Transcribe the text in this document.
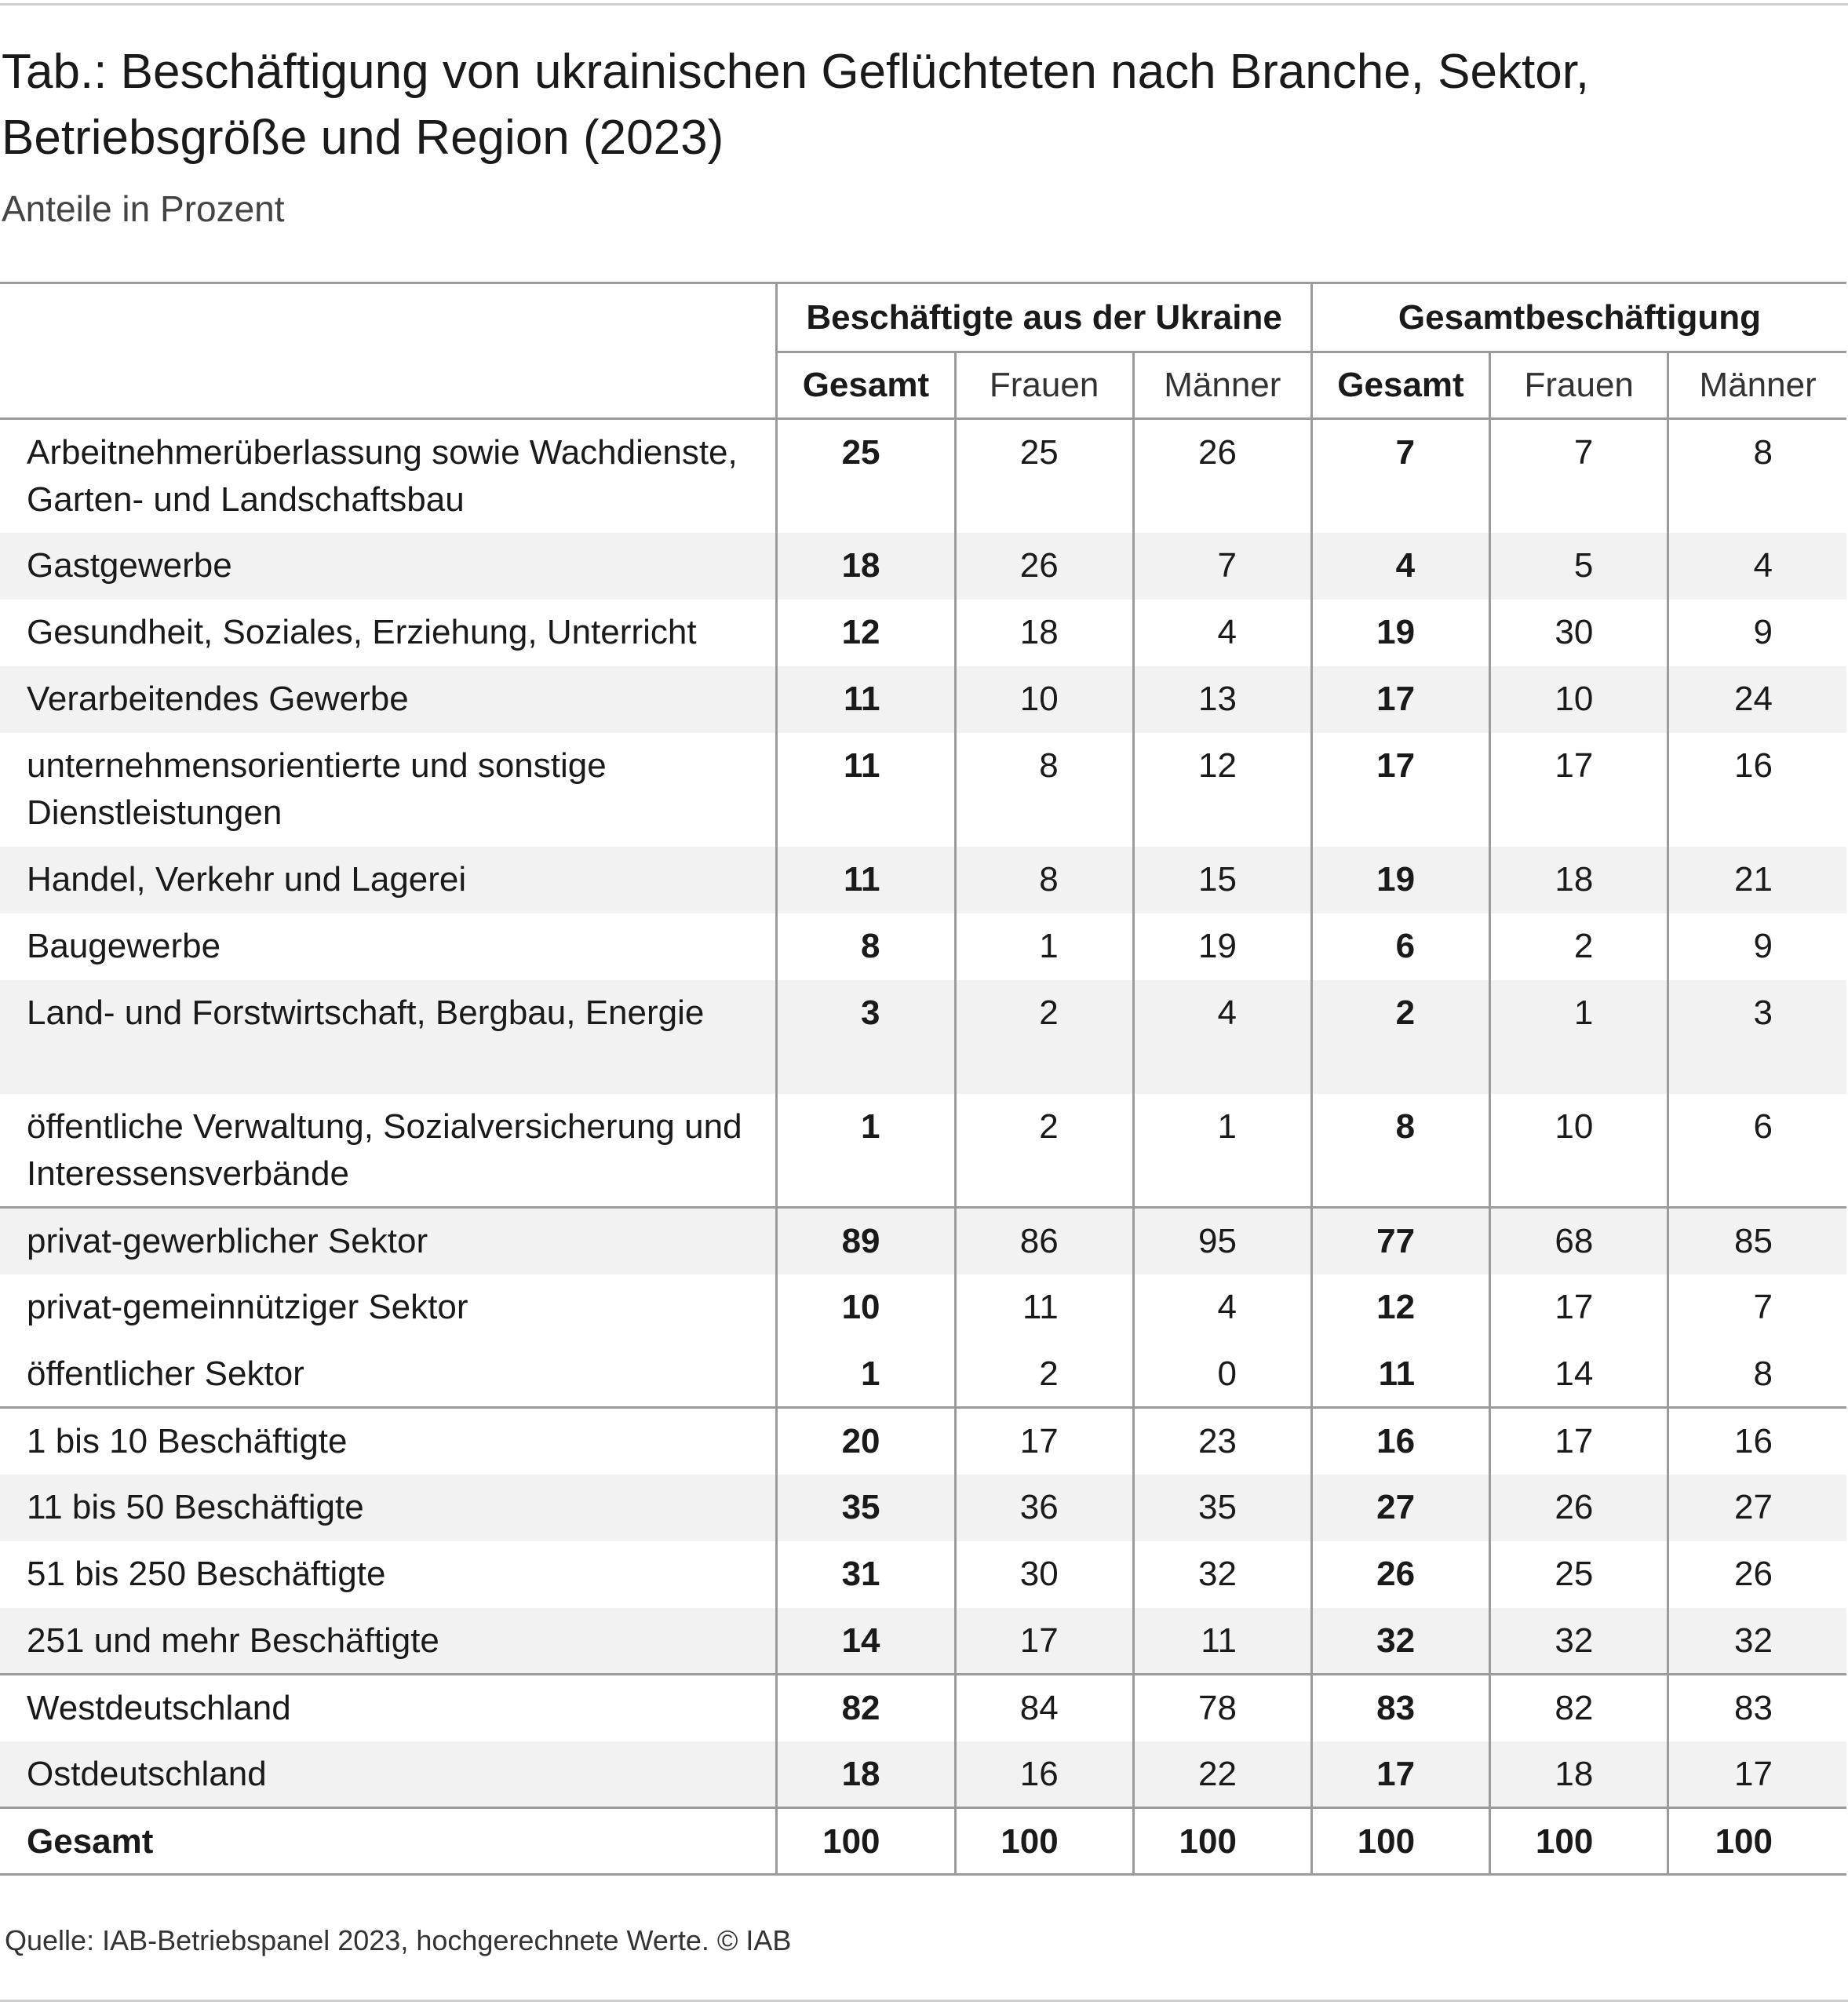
Tab.: Beschäftigung von ukrainischen Geflüchteten nach Branche, Sektor, Betriebsgröße und Region (2023)
Anteile in Prozent
	Beschäftigte aus der Ukraine			Gesamtbeschäftigung		
	Gesamt	Frauen	Männer	Gesamt	Frauen	Männer
Arbeitnehmerüberlassung sowie Wachdienste, Garten- und Landschaftsbau	25	25	26	7	7	8
Gastgewerbe	18	26	7	4	5	4
Gesundheit, Soziales, Erziehung, Unterricht	12	18	4	19	30	9
Verarbeitendes Gewerbe	11	10	13	17	10	24
unternehmensorientierte und sonstige Dienstleistungen	11	8	12	17	17	16
Handel, Verkehr und Lagerei	11	8	15	19	18	21
Baugewerbe	8	1	19	6	2	9
Land- und Forstwirtschaft, Bergbau, Energie	3	2	4	2	1	3
öffentliche Verwaltung, Sozialversicherung und Interessensverbände	1	2	1	8	10	6
privat-gewerblicher Sektor	89	86	95	77	68	85
privat-gemeinnütziger Sektor	10	11	4	12	17	7
öffentlicher Sektor	1	2	0	11	14	8
1 bis 10 Beschäftigte	20	17	23	16	17	16
11 bis 50 Beschäftigte	35	36	35	27	26	27
51 bis 250 Beschäftigte	31	30	32	26	25	26
251 und mehr Beschäftigte	14	17	11	32	32	32
Westdeutschland	82	84	78	83	82	83
Ostdeutschland	18	16	22	17	18	17
Gesamt	100	100	100	100	100	100
Quelle: IAB-Betriebspanel 2023, hochgerechnete Werte. © IAB
